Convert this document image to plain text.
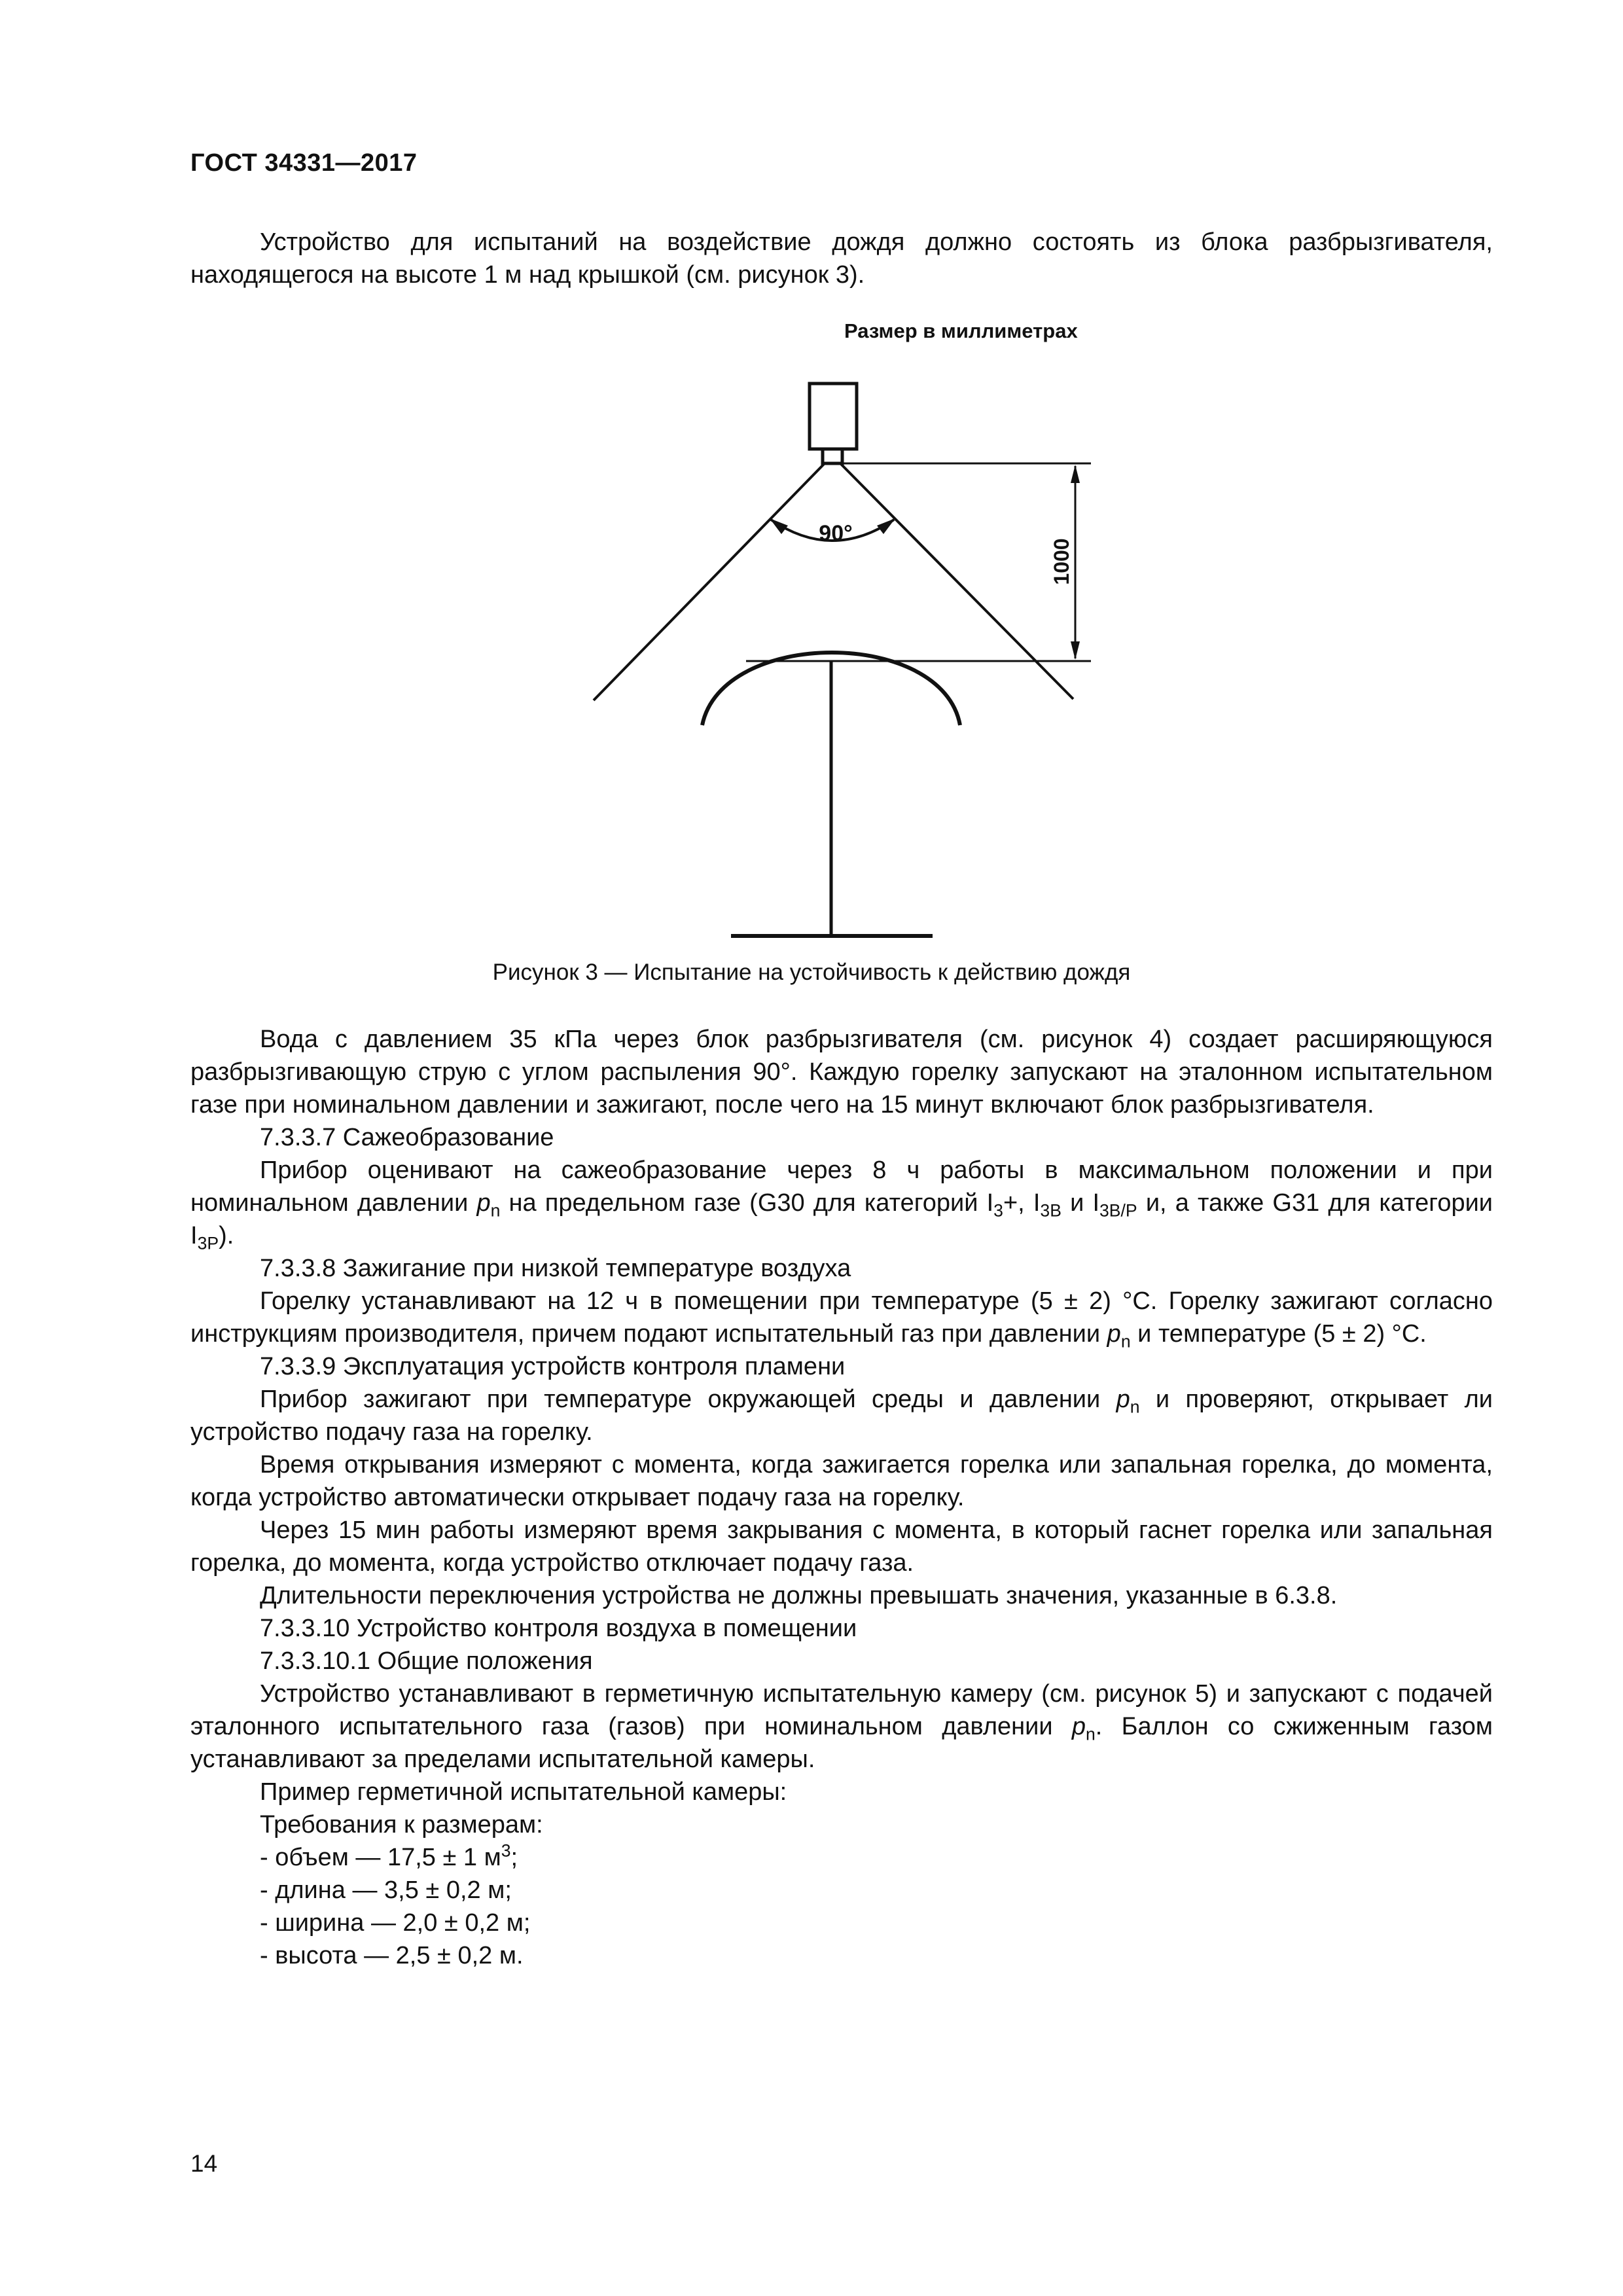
ГОСТ 34331—2017

Устройство для испытаний на воздействие дождя должно состоять из блока разбрызгивателя, находящегося на высоте 1 м над крышкой (см. рисунок 3).

Размер в миллиметрах
90°
1000
Рисунок 3 — Испытание на устойчивость к действию дождя

Вода с давлением 35 кПа через блок разбрызгивателя (см. рисунок 4) создает расширяющуюся разбрызгивающую струю с углом распыления 90°. Каждую горелку запускают на эталонном испытательном газе при номинальном давлении и зажигают, после чего на 15 минут включают блок разбрызгивателя.

7.3.3.7 Сажеобразование

Прибор оценивают на сажеобразование через 8 ч работы в максимальном положении и при номинальном давлении $p_n$ на предельном газе (G30 для категорий $I_3+$, $I_{3B}$ и $I_{3B/P}$ и, а также G31 для категории $I_{3P}$).

7.3.3.8 Зажигание при низкой температуре воздуха

Горелку устанавливают на 12 ч в помещении при температуре (5 ± 2) °С. Горелку зажигают согласно инструкциям производителя, причем подают испытательный газ при давлении $p_n$ и температуре (5 ± 2) °С.

7.3.3.9 Эксплуатация устройств контроля пламени

Прибор зажигают при температуре окружающей среды и давлении $p_n$ и проверяют, открывает ли устройство подачу газа на горелку.

Время открывания измеряют с момента, когда зажигается горелка или запальная горелка, до момента, когда устройство автоматически открывает подачу газа на горелку.

Через 15 мин работы измеряют время закрывания с момента, в который гаснет горелка или запальная горелка, до момента, когда устройство отключает подачу газа.

Длительности переключения устройства не должны превышать значения, указанные в 6.3.8.

7.3.3.10 Устройство контроля воздуха в помещении

7.3.3.10.1 Общие положения

Устройство устанавливают в герметичную испытательную камеру (см. рисунок 5) и запускают с подачей эталонного испытательного газа (газов) при номинальном давлении $p_n$. Баллон со сжиженным газом устанавливают за пределами испытательной камеры.

Пример герметичной испытательной камеры:

Требования к размерам:

- объем — 17,5 ± 1 $м^3$;

- длина — 3,5 ± 0,2 м;

- ширина — 2,0 ± 0,2 м;

- высота — 2,5 ± 0,2 м.

14
